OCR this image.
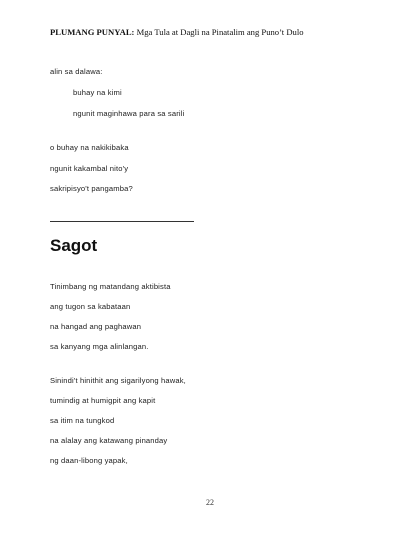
PLUMANG PUNYAL: Mga Tula at Dagli na Pinatalim ang Puno’t Dulo
alin sa dalawa:
buhay na kimi
ngunit maginhawa para sa sarili
o buhay na nakikibaka
ngunit kakambal nito'y
sakripisyo't pangamba?
Sagot
Tinimbang ng matandang aktibista
ang tugon sa kabataan
na hangad ang paghawan
sa kanyang mga alinlangan.
Sinindi't hinithit ang sigarilyong hawak,
tumindig at humigpit ang kapit
sa itim na tungkod
na alalay ang katawang pinanday
ng daan-libong yapak,
22
